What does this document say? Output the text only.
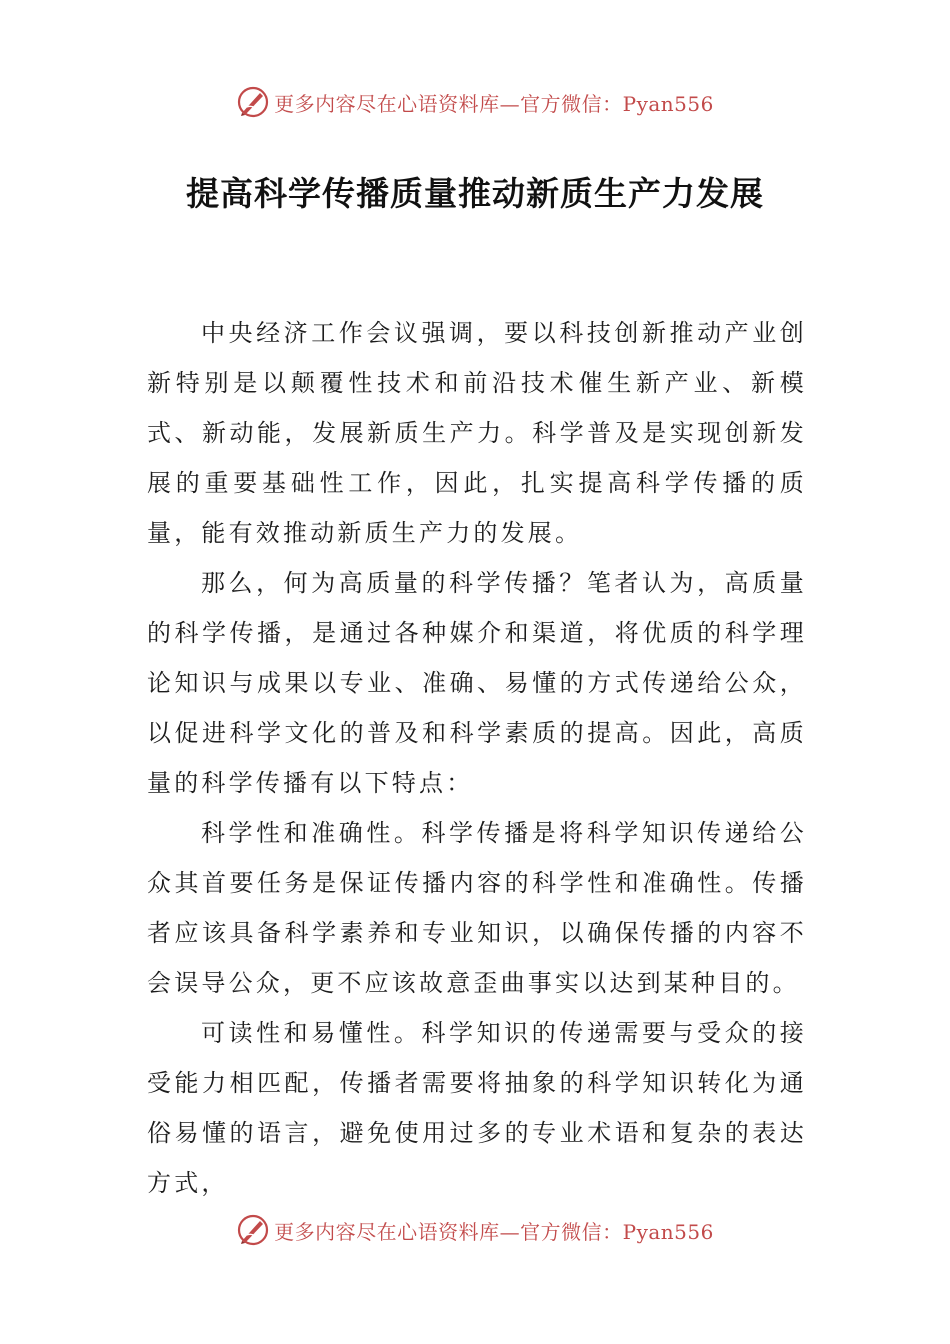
更多内容尽在心语资料库—官方微信：Pyan556
提高科学传播质量推动新质生产力发展

中央经济工作会议强调，要以科技创新推动产业创新特别是以颠覆性技术和前沿技术催生新产业、新模式、新动能，发展新质生产力。科学普及是实现创新发展的重要基础性工作，因此，扎实提高科学传播的质量，能有效推动新质生产力的发展。

那么，何为高质量的科学传播？笔者认为，高质量的科学传播，是通过各种媒介和渠道，将优质的科学理论知识与成果以专业、准确、易懂的方式传递给公众，以促进科学文化的普及和科学素质的提高。因此，高质量的科学传播有以下特点：

科学性和准确性。科学传播是将科学知识传递给公众其首要任务是保证传播内容的科学性和准确性。传播者应该具备科学素养和专业知识，以确保传播的内容不会误导公众，更不应该故意歪曲事实以达到某种目的。

可读性和易懂性。科学知识的传递需要与受众的接受能力相匹配，传播者需要将抽象的科学知识转化为通俗易懂的语言，避免使用过多的专业术语和复杂的表达方式，

更多内容尽在心语资料库—官方微信：Pyan556
